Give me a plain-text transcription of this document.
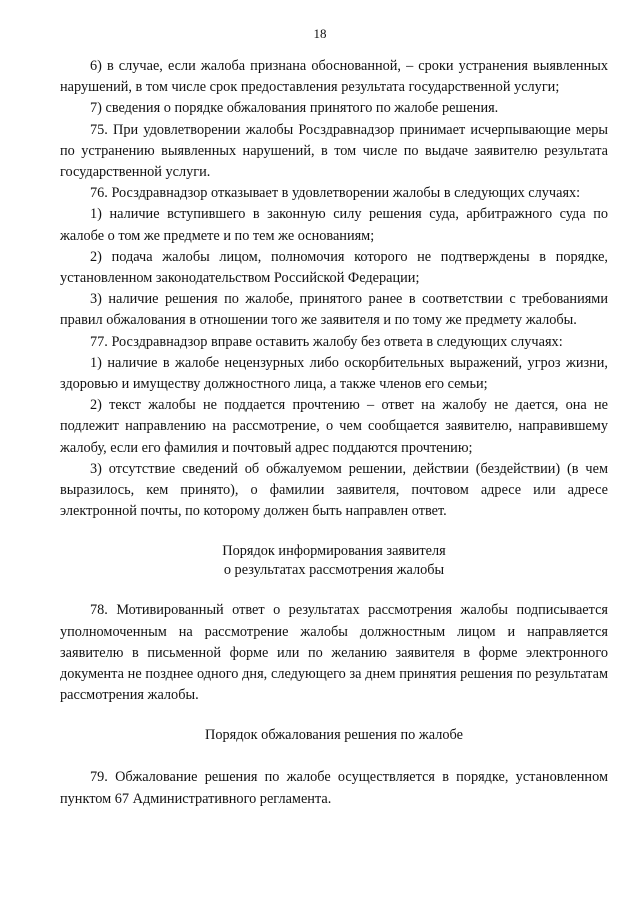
18

6) в случае, если жалоба признана обоснованной, – сроки устранения выявленных нарушений, в том числе срок предоставления результата государственной услуги;

7) сведения о порядке обжалования принятого по жалобе решения.

75. При удовлетворении жалобы Росздравнадзор принимает исчерпывающие меры по устранению выявленных нарушений, в том числе по выдаче заявителю результата государственной услуги.

76. Росздравнадзор отказывает в удовлетворении жалобы в следующих случаях:

1) наличие вступившего в законную силу решения суда, арбитражного суда по жалобе о том же предмете и по тем же основаниям;

2) подача жалобы лицом, полномочия которого не подтверждены в порядке, установленном законодательством Российской Федерации;

3) наличие решения по жалобе, принятого ранее в соответствии с требованиями правил обжалования в отношении того же заявителя и по тому же предмету жалобы.

77. Росздравнадзор вправе оставить жалобу без ответа в следующих случаях:

1) наличие в жалобе нецензурных либо оскорбительных выражений, угроз жизни, здоровью и имуществу должностного лица, а также членов его семьи;

2) текст жалобы не поддается прочтению – ответ на жалобу не дается, она не подлежит направлению на рассмотрение, о чем сообщается заявителю, направившему жалобу, если его фамилия и почтовый адрес поддаются прочтению;

3) отсутствие сведений об обжалуемом решении, действии (бездействии) (в чем выразилось, кем принято), о фамилии заявителя, почтовом адресе или адресе электронной почты, по которому должен быть направлен ответ.

Порядок информирования заявителя
о результатах рассмотрения жалобы

78. Мотивированный ответ о результатах рассмотрения жалобы подписывается уполномоченным на рассмотрение жалобы должностным лицом и направляется заявителю в письменной форме или по желанию заявителя в форме электронного документа не позднее одного дня, следующего за днем принятия решения по результатам рассмотрения жалобы.

Порядок обжалования решения по жалобе

79. Обжалование решения по жалобе осуществляется в порядке, установленном пунктом 67 Административного регламента.
